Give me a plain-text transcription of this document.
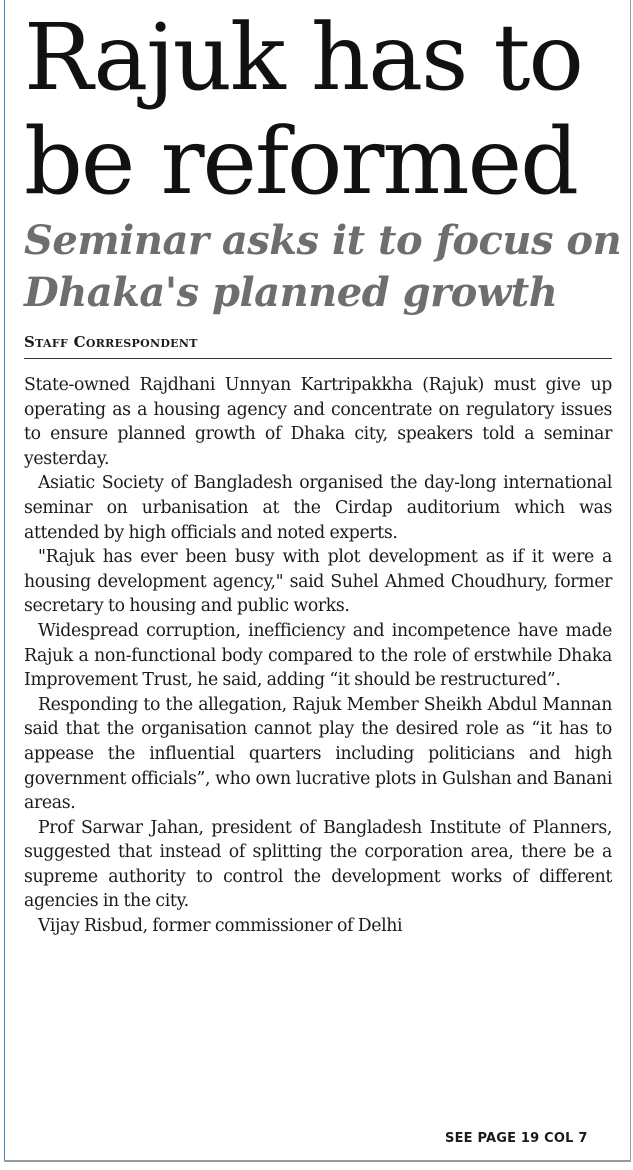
Rajuk has to be reformed
Seminar asks it to focus on Dhaka's planned growth
Staff Correspondent

State-owned Rajdhani Unnyan Kartripakkha (Rajuk) must give up operating as a housing agency and concentrate on regulatory issues to ensure planned growth of Dhaka city, speakers told a seminar yesterday.

Asiatic Society of Bangladesh organised the day-long international seminar on urbanisation at the Cirdap auditorium which was attended by high officials and noted experts.

"Rajuk has ever been busy with plot development as if it were a housing development agency," said Suhel Ahmed Choudhury, former secretary to housing and public works.

Widespread corruption, inefficiency and incompetence have made Rajuk a non-functional body compared to the role of erstwhile Dhaka Improvement Trust, he said, adding “it should be restructured”.

Responding to the allegation, Rajuk Member Sheikh Abdul Mannan said that the organisation cannot play the desired role as “it has to appease the influential quarters including politicians and high government officials”, who own lucrative plots in Gulshan and Banani areas.

Prof Sarwar Jahan, president of Bangladesh Institute of Planners, suggested that instead of splitting the corporation area, there be a supreme authority to control the development works of different agencies in the city.

Vijay Risbud, former commissioner of Delhi

SEE PAGE 19 COL 7
